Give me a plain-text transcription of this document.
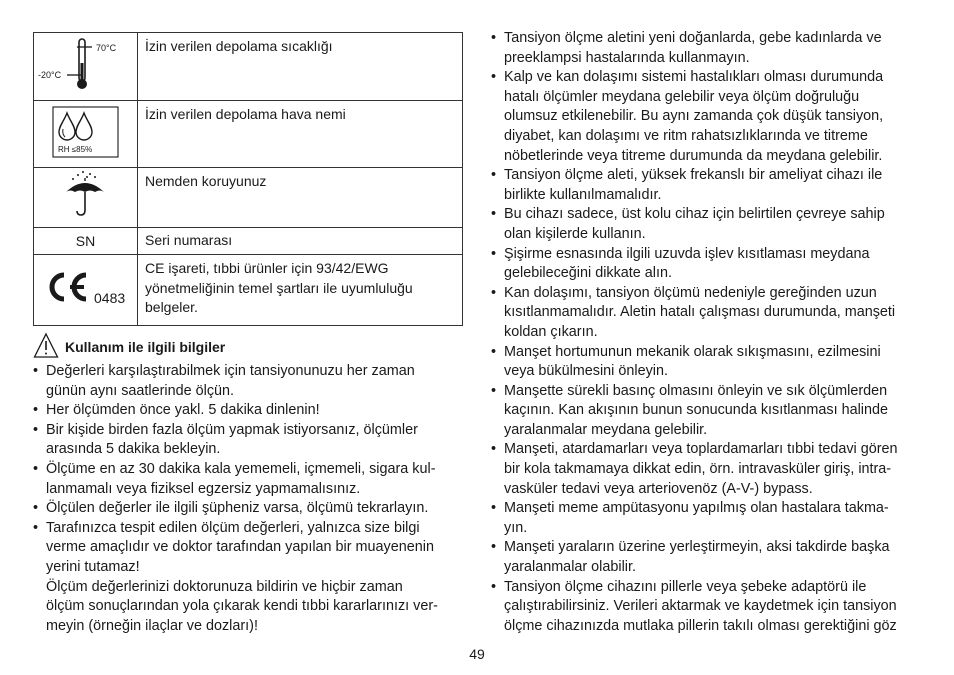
70°C
-20°C	İzin verilen depolama sıcaklığı

RH ≤85%	İzin verilen depolama hava nemi
	Nemden koruyunuz
SN	Seri numarası

0483	CE işareti, tıbbi ürünler için 93/42/EWG yönetmeliğinin temel şartları ile uyumluluğu belgeler.
Kullanım ile ilgili bilgiler
• Değerleri karşılaştırabilmek için tansiyonunuzu her zaman
günün aynı saatlerinde ölçün.
• Her ölçümden önce yakl. 5 dakika dinlenin!
• Bir kişide birden fazla ölçüm yapmak istiyorsanız, ölçümler
arasında 5 dakika bekleyin.
• Ölçüme en az 30 dakika kala yememeli, içmemeli, sigara kul-
lanmamalı veya fiziksel egzersiz yapmamalısınız.
• Ölçülen değerler ile ilgili şüpheniz varsa, ölçümü tekrarlayın.
• Tarafınızca tespit edilen ölçüm değerleri, yalnızca size bilgi
verme amaçlıdır ve doktor tarafından yapılan bir muayenenin
yerini tutamaz!
Ölçüm değerlerinizi doktorunuza bildirin ve hiçbir zaman
ölçüm sonuçlarından yola çıkarak kendi tıbbi kararlarınızı ver-
meyin (örneğin ilaçlar ve dozları)!
• Tansiyon ölçme aletini yeni doğanlarda, gebe kadınlarda ve
preeklampsi hastalarında kullanmayın.
• Kalp ve kan dolaşımı sistemi hastalıkları olması durumunda
hatalı ölçümler meydana gelebilir veya ölçüm doğruluğu
olumsuz etkilenebilir. Bu aynı zamanda çok düşük tansiyon,
diyabet, kan dolaşımı ve ritm rahatsızlıklarında ve titreme
nöbetlerinde veya titreme durumunda da meydana gelebilir.
• Tansiyon ölçme aleti, yüksek frekanslı bir ameliyat cihazı ile
birlikte kullanılmamalıdır.
• Bu cihazı sadece, üst kolu cihaz için belirtilen çevreye sahip
olan kişilerde kullanın.
• Şişirme esnasında ilgili uzuvda işlev kısıtlaması meydana
gelebileceğini dikkate alın.
• Kan dolaşımı, tansiyon ölçümü nedeniyle gereğinden uzun
kısıtlanmamalıdır. Aletin hatalı çalışması durumunda, manşeti
koldan çıkarın.
• Manşet hortumunun mekanik olarak sıkışmasını, ezilmesini
veya bükülmesini önleyin.
• Manşette sürekli basınç olmasını önleyin ve sık ölçümlerden
kaçının. Kan akışının bunun sonucunda kısıtlanması halinde
yaralanmalar meydana gelebilir.
• Manşeti, atardamarları veya toplardamarları tıbbi tedavi gören
bir kola takmamaya dikkat edin, örn. intravasküler giriş, intra-
vasküler tedavi veya arteriovenöz (A-V-) bypass.
• Manşeti meme ampütasyonu yapılmış olan hastalara takma-
yın.
• Manşeti yaraların üzerine yerleştirmeyin, aksi takdirde başka
yaralanmalar olabilir.
• Tansiyon ölçme cihazını pillerle veya şebeke adaptörü ile
çalıştırabilirsiniz. Verileri aktarmak ve kaydetmek için tansiyon
ölçme cihazınızda mutlaka pillerin takılı olması gerektiğini göz
49
